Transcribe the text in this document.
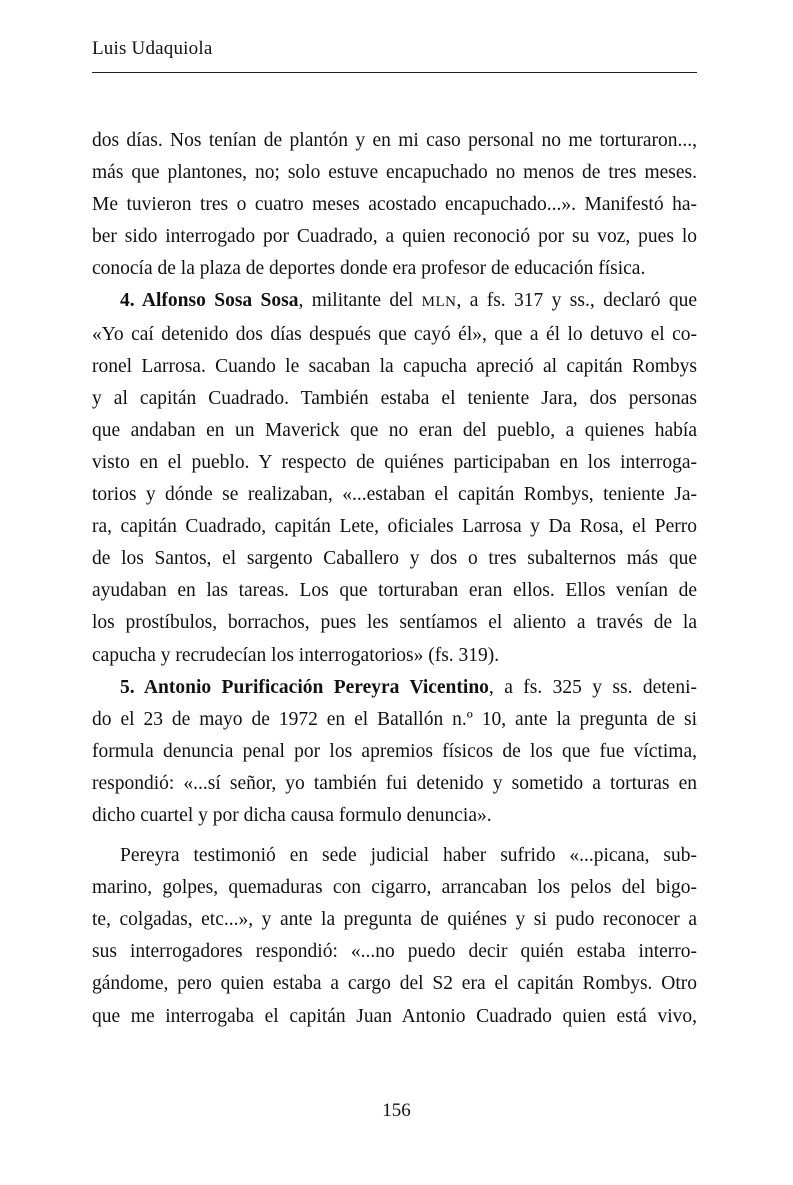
Luis Udaquiola
dos días. Nos tenían de plantón y en mi caso personal no me torturaron...,
más que plantones, no; solo estuve encapuchado no menos de tres meses.
Me tuvieron tres o cuatro meses acostado encapuchado...». Manifestó ha-
ber sido interrogado por Cuadrado, a quien reconoció por su voz, pues lo
conocía de la plaza de deportes donde era profesor de educación física.
4. Alfonso Sosa Sosa, militante del MLN, a fs. 317 y ss., declaró que
«Yo caí detenido dos días después que cayó él», que a él lo detuvo el co-
ronel Larrosa. Cuando le sacaban la capucha apreció al capitán Rombys
y al capitán Cuadrado. También estaba el teniente Jara, dos personas
que andaban en un Maverick que no eran del pueblo, a quienes había
visto en el pueblo. Y respecto de quiénes participaban en los interroga-
torios y dónde se realizaban, «...estaban el capitán Rombys, teniente Ja-
ra, capitán Cuadrado, capitán Lete, oficiales Larrosa y Da Rosa, el Perro
de los Santos, el sargento Caballero y dos o tres subalternos más que
ayudaban en las tareas. Los que torturaban eran ellos. Ellos venían de
los prostíbulos, borrachos, pues les sentíamos el aliento a través de la
capucha y recrudecían los interrogatorios» (fs. 319).
5. Antonio Purificación Pereyra Vicentino, a fs. 325 y ss. deteni-
do el 23 de mayo de 1972 en el Batallón n.º 10, ante la pregunta de si
formula denuncia penal por los apremios físicos de los que fue víctima,
respondió: «...sí señor, yo también fui detenido y sometido a torturas en
dicho cuartel y por dicha causa formulo denuncia».
Pereyra testimonió en sede judicial haber sufrido «...picana, sub-
marino, golpes, quemaduras con cigarro, arrancaban los pelos del bigo-
te, colgadas, etc...», y ante la pregunta de quiénes y si pudo reconocer a
sus interrogadores respondió: «...no puedo decir quién estaba interro-
gándome, pero quien estaba a cargo del S2 era el capitán Rombys. Otro
que me interrogaba el capitán Juan Antonio Cuadrado quien está vivo,
156
